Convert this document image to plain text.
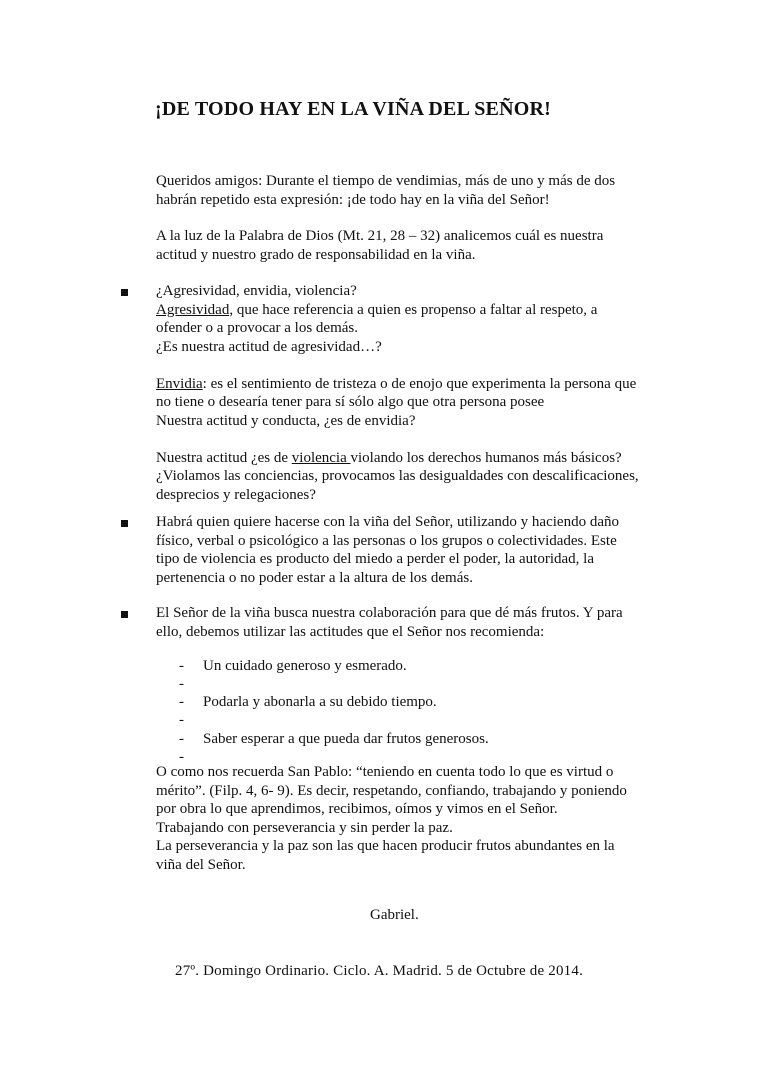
¡DE TODO HAY EN LA VIÑA DEL SEÑOR!
Queridos amigos: Durante el tiempo de vendimias, más de uno y más de dos
habrán repetido esta expresión: ¡de todo hay en la viña del Señor!
A la luz de la Palabra de Dios (Mt. 21, 28 – 32) analicemos cuál es nuestra
actitud y nuestro grado de responsabilidad en la viña.
¿Agresividad, envidia, violencia?
Agresividad, que hace referencia a quien es propenso a faltar al respeto, a
ofender o a provocar a los demás.
¿Es nuestra actitud de agresividad…?
Envidia: es el sentimiento de tristeza o de enojo que experimenta la persona que
no tiene o desearía tener para sí sólo algo que otra persona posee
Nuestra actitud y conducta, ¿es de envidia?
Nuestra actitud ¿es de violencia violando los derechos humanos más básicos?
¿Violamos las conciencias, provocamos las desigualdades con descalificaciones,
desprecios y relegaciones?
Habrá quien quiere hacerse con la viña del Señor, utilizando y haciendo daño
físico, verbal o psicológico a las personas o los grupos o colectividades. Este
tipo de violencia es producto del miedo a perder el poder, la autoridad, la
pertenencia o no poder estar a la altura de los demás.
El Señor de la viña busca nuestra colaboración para que dé más frutos. Y para
ello, debemos utilizar las actitudes que el Señor nos recomienda:
- Un cuidado generoso y esmerado.
-
- Podarla y abonarla a su debido tiempo.
-
- Saber esperar a que pueda dar frutos generosos.
-
O como nos recuerda San Pablo: “teniendo en cuenta todo lo que es virtud o
mérito”. (Filp. 4, 6- 9). Es decir, respetando, confiando, trabajando y poniendo
por obra lo que aprendimos, recibimos, oímos y vimos en el Señor.
Trabajando con perseverancia y sin perder la paz.
La perseverancia y la paz son las que hacen producir frutos abundantes en la
viña del Señor.
Gabriel.
27º. Domingo Ordinario. Ciclo. A. Madrid. 5 de Octubre de 2014.
